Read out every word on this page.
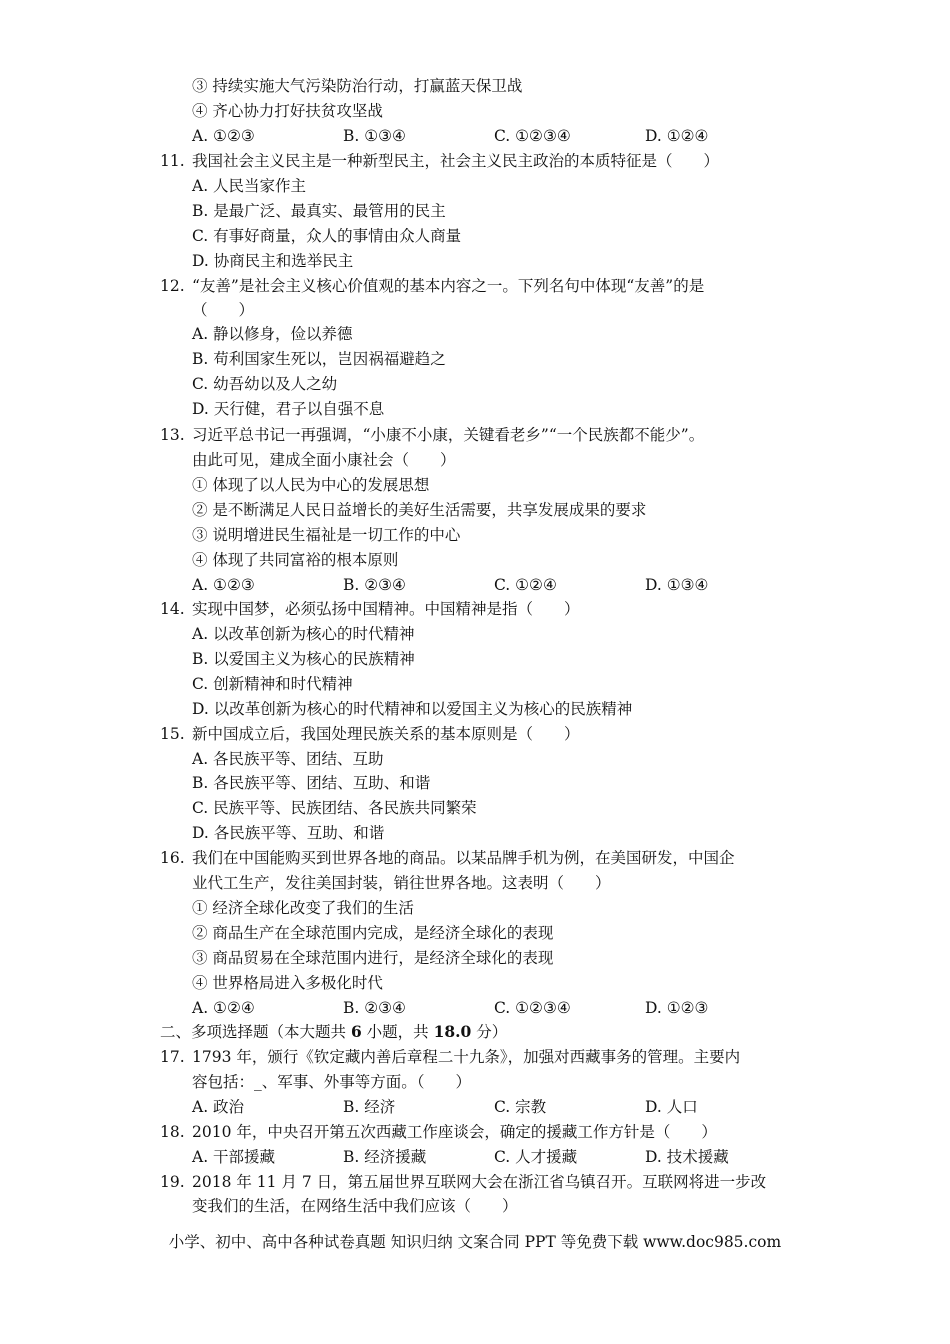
③ 持续实施大气污染防治行动，打赢蓝天保卫战
④ 齐心协力打好扶贫攻坚战
A. ①②③	B. ①③④	C. ①②③④	D. ①②④
11. 我国社会主义民主是一种新型民主，社会主义民主政治的本质特征是（　　）
A. 人民当家作主
B. 是最广泛、最真实、最管用的民主
C. 有事好商量，众人的事情由众人商量
D. 协商民主和选举民主
12. “友善”是社会主义核心价值观的基本内容之一。下列名句中体现“友善”的是
（　　）
A. 静以修身，俭以养德
B. 苟利国家生死以，岂因祸福避趋之
C. 幼吾幼以及人之幼
D. 天行健，君子以自强不息
13. 习近平总书记一再强调，“小康不小康，关键看老乡”“一个民族都不能少”。
由此可见，建成全面小康社会（　　）
① 体现了以人民为中心的发展思想
② 是不断满足人民日益增长的美好生活需要，共享发展成果的要求
③ 说明增进民生福祉是一切工作的中心
④ 体现了共同富裕的根本原则
A. ①②③	B. ②③④	C. ①②④	D. ①③④
14. 实现中国梦，必须弘扬中国精神。中国精神是指（　　）
A. 以改革创新为核心的时代精神
B. 以爱国主义为核心的民族精神
C. 创新精神和时代精神
D. 以改革创新为核心的时代精神和以爱国主义为核心的民族精神
15. 新中国成立后，我国处理民族关系的基本原则是（　　）
A. 各民族平等、团结、互助
B. 各民族平等、团结、互助、和谐
C. 民族平等、民族团结、各民族共同繁荣
D. 各民族平等、互助、和谐
16. 我们在中国能购买到世界各地的商品。以某品牌手机为例，在美国研发，中国企
业代工生产，发往美国封装，销往世界各地。这表明（　　）
① 经济全球化改变了我们的生活
② 商品生产在全球范围内完成，是经济全球化的表现
③ 商品贸易在全球范围内进行，是经济全球化的表现
④ 世界格局进入多极化时代
A. ①②④	B. ②③④	C. ①②③④	D. ①②③
二、多项选择题（本大题共 6 小题，共 18.0 分）
17. 1793 年，颁行《钦定藏内善后章程二十九条》，加强对西藏事务的管理。主要内
容包括：_、军事、外事等方面。（　　）
A. 政治	B. 经济	C. 宗教	D. 人口
18. 2010 年，中央召开第五次西藏工作座谈会，确定的援藏工作方针是（　　）
A. 干部援藏	B. 经济援藏	C. 人才援藏	D. 技术援藏
19. 2018 年 11 月 7 日，第五届世界互联网大会在浙江省乌镇召开。互联网将进一步改
变我们的生活，在网络生活中我们应该（　　）
小学、初中、高中各种试卷真题 知识归纳 文案合同 PPT 等免费下载 www.doc985.com
